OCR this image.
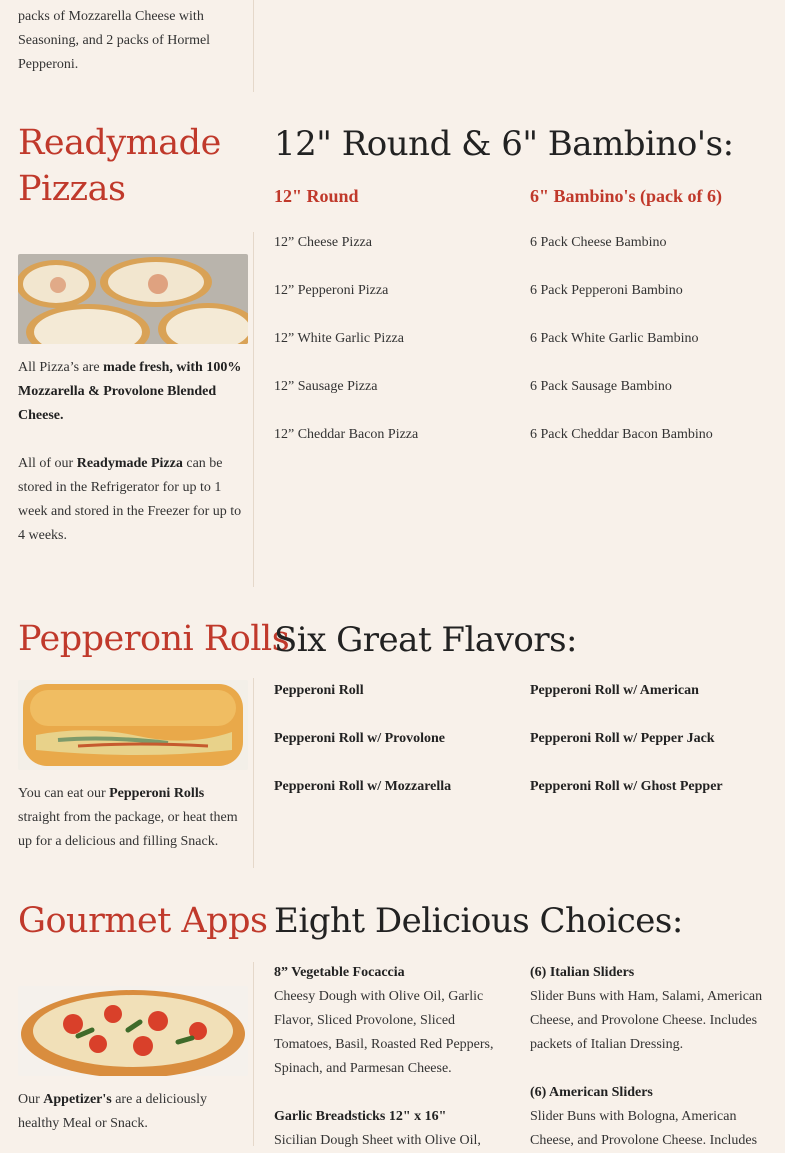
packs of Mozzarella Cheese with

Seasoning, and 2 packs of Hormel

Pepperoni.

Readymade
Pizzas
12" Round & 6" Bambino's:
12" Round	6" Bambino's (pack of 6)

All Pizza’s are made fresh, with 100%

Mozzarella & Provolone Blended

Cheese.

All of our Readymade Pizza can be

stored in the Refrigerator for up to 1

week and stored in the Freezer for up to

4 weeks.

12” Cheese Pizza

12” Pepperoni Pizza

12” White Garlic Pizza

12” Sausage Pizza

12” Cheddar Bacon Pizza

6 Pack Cheese Bambino

6 Pack Pepperoni Bambino

6 Pack White Garlic Bambino

6 Pack Sausage Bambino

6 Pack Cheddar Bacon Bambino

Pepperoni Rolls
Six Great Flavors:

You can eat our Pepperoni Rolls

straight from the package, or heat them

up for a delicious and filling Snack.

Pepperoni Roll

Pepperoni Roll w/ Provolone

Pepperoni Roll w/ Mozzarella

Pepperoni Roll w/ American

Pepperoni Roll w/ Pepper Jack

Pepperoni Roll w/ Ghost Pepper

Gourmet Apps Eight Delicious Choices:

Our Appetizer's are a deliciously

healthy Meal or Snack.

8” Vegetable Focaccia

Cheesy Dough with Olive Oil, Garlic

Flavor, Sliced Provolone, Sliced

Tomatoes, Basil, Roasted Red Peppers,

Spinach, and Parmesan Cheese.

Garlic Breadsticks 12" x 16"

Sicilian Dough Sheet with Olive Oil,

(6) Italian Sliders

Slider Buns with Ham, Salami, American

Cheese, and Provolone Cheese. Includes

packets of Italian Dressing.

(6) American Sliders

Slider Buns with Bologna, American

Cheese, and Provolone Cheese. Includes
